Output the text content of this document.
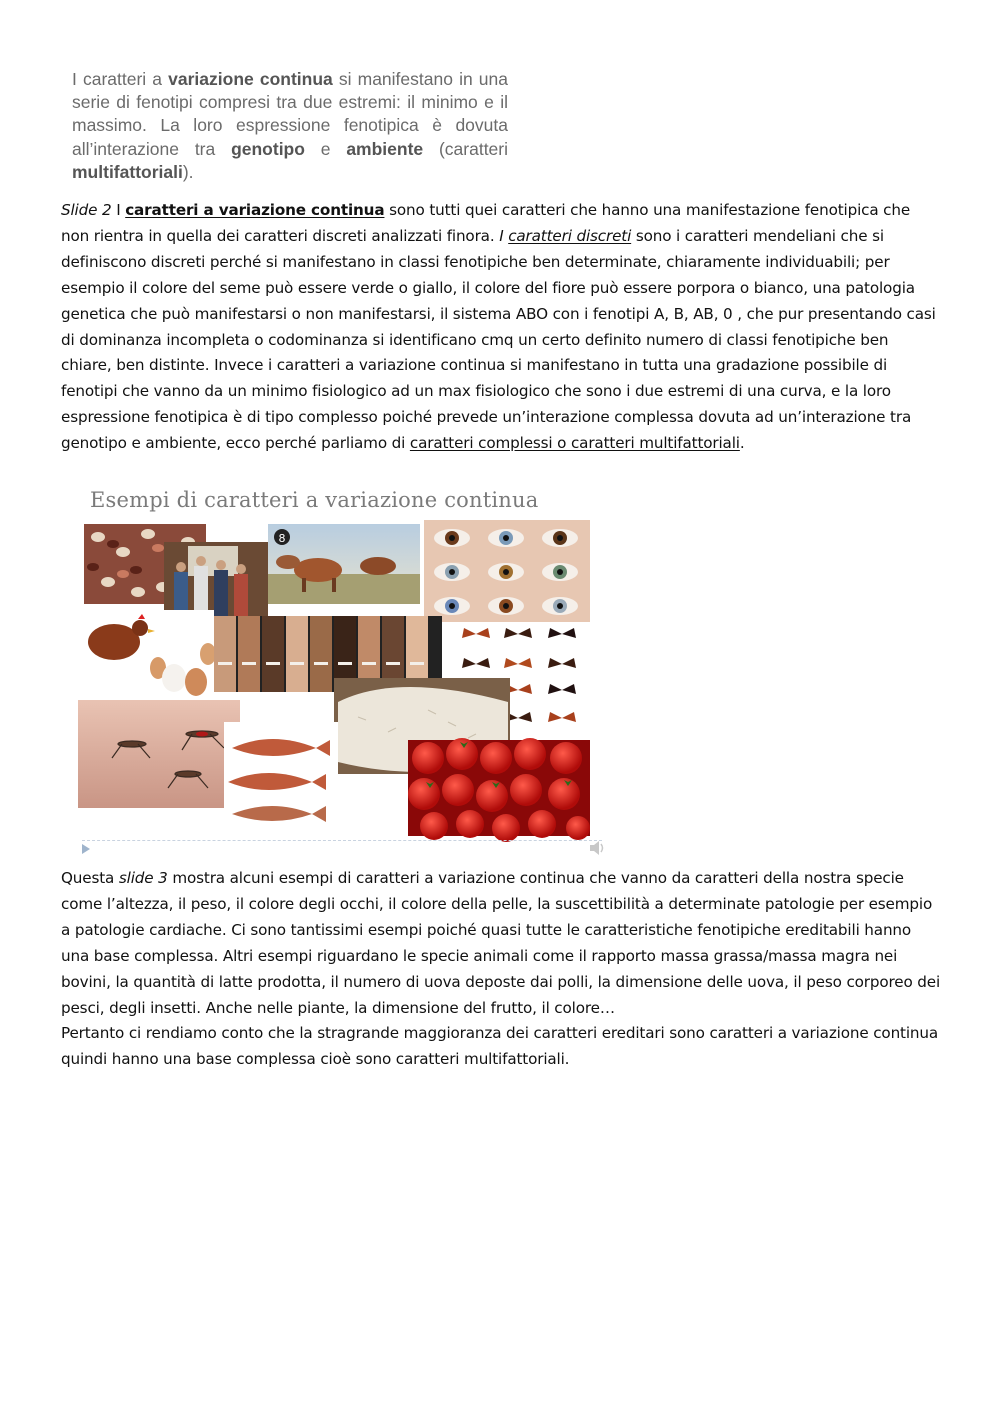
I caratteri a variazione continua si manifestano in una serie di fenotipi compresi tra due estremi: il minimo e il massimo. La loro espressione fenotipica è dovuta all’interazione tra genotipo e ambiente (caratteri multifattoriali).
Slide 2 I caratteri a variazione continua sono tutti quei caratteri che hanno una manifestazione fenotipica che non rientra in quella dei caratteri discreti analizzati finora. I caratteri discreti sono i caratteri mendeliani che si definiscono discreti perché si manifestano in classi fenotipiche ben determinate, chiaramente individuabili; per esempio il colore del seme può essere verde o giallo, il colore del fiore può essere porpora o bianco, una patologia genetica che può manifestarsi o non manifestarsi, il sistema ABO con i fenotipi A, B, AB, 0 , che pur presentando casi di dominanza incompleta o codominanza si identificano cmq un certo definito numero di classi fenotipiche ben chiare, ben distinte. Invece i caratteri a variazione continua si manifestano in tutta una gradazione possibile di fenotipi che vanno da un minimo fisiologico ad un max fisiologico che sono i due estremi di una curva, e la loro espressione fenotipica è di tipo complesso poiché prevede un’interazione complessa dovuta ad un’interazione tra genotipo e ambiente, ecco perché parliamo di caratteri complessi o caratteri multifattoriali.
Esempi di caratteri a variazione continua
8
Questa slide 3 mostra alcuni esempi di caratteri a variazione continua che vanno da caratteri della nostra specie come l’altezza, il peso, il colore degli occhi, il colore della pelle, la suscettibilità a determinate patologie per esempio a patologie cardiache. Ci sono tantissimi esempi poiché quasi tutte le caratteristiche fenotipiche ereditabili hanno una base complessa. Altri esempi riguardano le specie animali come il rapporto massa grassa/massa magra nei bovini, la quantità di latte prodotta, il numero di uova deposte dai polli, la dimensione delle uova, il peso corporeo dei pesci, degli insetti. Anche nelle piante, la dimensione del frutto, il colore…
Pertanto ci rendiamo conto che la stragrande maggioranza dei caratteri ereditari sono caratteri a variazione continua quindi hanno una base complessa cioè sono caratteri multifattoriali.
